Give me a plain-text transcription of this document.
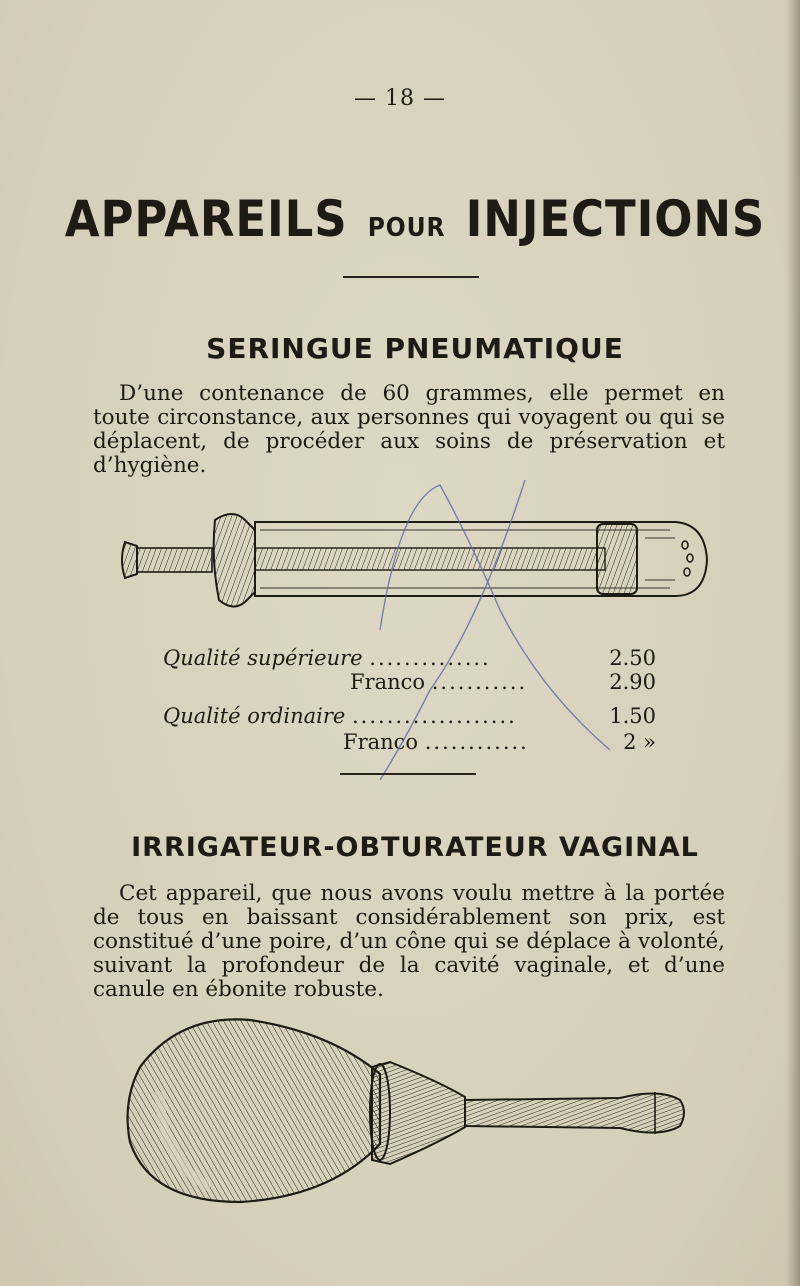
— 18 —
APPAREILS POUR INJECTIONS
SERINGUE PNEUMATIQUE

D’une contenance de 60 grammes, elle permet en toute circonstance, aux personnes qui voyagent ou qui se déplacent, de procéder aux soins de préservation et d’hygiène.

Qualité supérieure ..............	2.50
Franco ...........	2.90
Qualité ordinaire ...................	1.50
Franco ............	2 »
IRRIGATEUR-OBTURATEUR VAGINAL

Cet appareil, que nous avons voulu mettre à la portée de tous en baissant considérablement son prix, est constitué d’une poire, d’un cône qui se déplace à volonté, suivant la profondeur de la cavité vaginale, et d’une canule en ébonite robuste.
